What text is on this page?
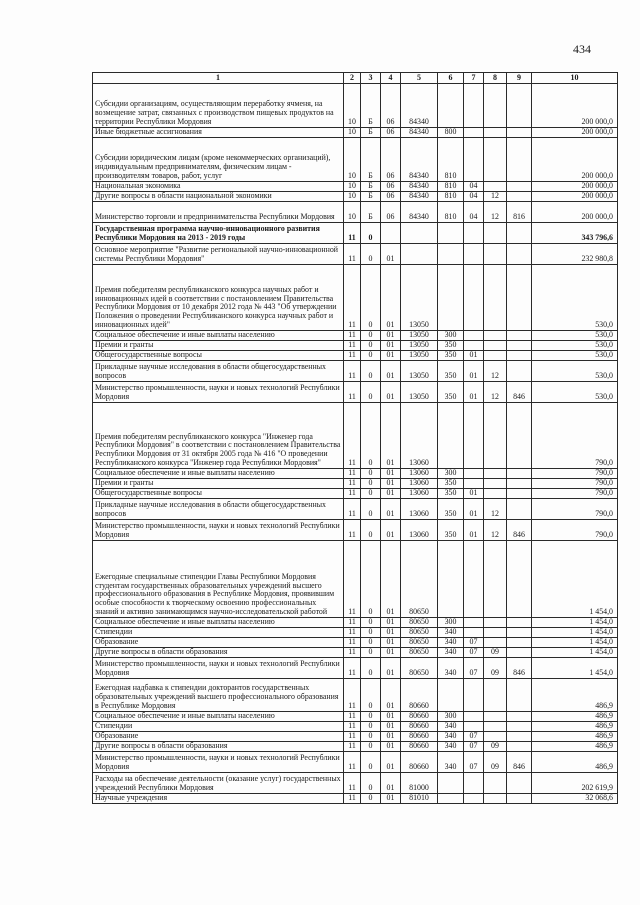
434
1	2	3	4	5	6	7	8	9	10
Субсидии организациям, осуществляющим переработку ячменя, на возмещение затрат, связанных с производством пищевых продуктов на территории Республики Мордовия	10	Б	06	84340					200 000,0
Иные бюджетные ассигнования	10	Б	06	84340	800				200 000,0
Субсидии юридическим лицам (кроме некоммерческих организаций), индивидуальным предпринимателям, физическим лицам - производителям товаров, работ, услуг	10	Б	06	84340	810				200 000,0
Национальная экономика	10	Б	06	84340	810	04			200 000,0
Другие вопросы в области национальной экономики	10	Б	06	84340	810	04	12		200 000,0
Министерство торговли и предпринимательства Республики Мордовия	10	Б	06	84340	810	04	12	816	200 000,0
Государственная программа научно-инновационного развития Республики Мордовия на 2013 - 2019 годы	11	0							343 796,6
Основное мероприятие "Развитие региональной научно-инновационной системы Республики Мордовия"	11	0	01						232 980,8
Премия победителям республиканского конкурса научных работ и инновационных идей в соответствии с постановлением Правительства Республики Мордовия от 10 декабря 2012 года № 443 "Об утверждении Положения о проведении Республиканского конкурса научных работ и инновационных идей"	11	0	01	13050					530,0
Социальное обеспечение и иные выплаты населению	11	0	01	13050	300				530,0
Премии и гранты	11	0	01	13050	350				530,0
Общегосударственные вопросы	11	0	01	13050	350	01			530,0
Прикладные научные исследования в области общегосударственных вопросов	11	0	01	13050	350	01	12		530,0
Министерство промышленности, науки и новых технологий Республики Мордовия	11	0	01	13050	350	01	12	846	530,0
Премия победителям республиканского конкурса "Инженер года Республики Мордовия" в соответствии с постановлением Правительства Республики Мордовия от 31 октября 2005 года № 416 "О проведении Республиканского конкурса "Инженер года Республики Мордовия"	11	0	01	13060					790,0
Социальное обеспечение и иные выплаты населению	11	0	01	13060	300				790,0
Премии и гранты	11	0	01	13060	350				790,0
Общегосударственные вопросы	11	0	01	13060	350	01			790,0
Прикладные научные исследования в области общегосударственных вопросов	11	0	01	13060	350	01	12		790,0
Министерство промышленности, науки и новых технологий Республики Мордовия	11	0	01	13060	350	01	12	846	790,0
Ежегодные специальные стипендии Главы Республики Мордовия студентам государственных образовательных учреждений высшего профессионального образования в Республике Мордовия, проявившим особые способности к творческому освоению профессиональных знаний и активно занимающимся научно-исследовательской работой	11	0	01	80650					1 454,0
Социальное обеспечение и иные выплаты населению	11	0	01	80650	300				1 454,0
Стипендии	11	0	01	80650	340				1 454,0
Образование	11	0	01	80650	340	07			1 454,0
Другие вопросы в области образования	11	0	01	80650	340	07	09		1 454,0
Министерство промышленности, науки и новых технологий Республики Мордовия	11	0	01	80650	340	07	09	846	1 454,0
Ежегодная надбавка к стипендии докторантов государственных образовательных учреждений высшего профессионального образования в Республике Мордовия	11	0	01	80660					486,9
Социальное обеспечение и иные выплаты населению	11	0	01	80660	300				486,9
Стипендии	11	0	01	80660	340				486,9
Образование	11	0	01	80660	340	07			486,9
Другие вопросы в области образования	11	0	01	80660	340	07	09		486,9
Министерство промышленности, науки и новых технологий Республики Мордовия	11	0	01	80660	340	07	09	846	486,9
Расходы на обеспечение деятельности (оказание услуг) государственных учреждений Республики Мордовия	11	0	01	81000					202 619,9
Научные учреждения	11	0	01	81010					32 068,6
